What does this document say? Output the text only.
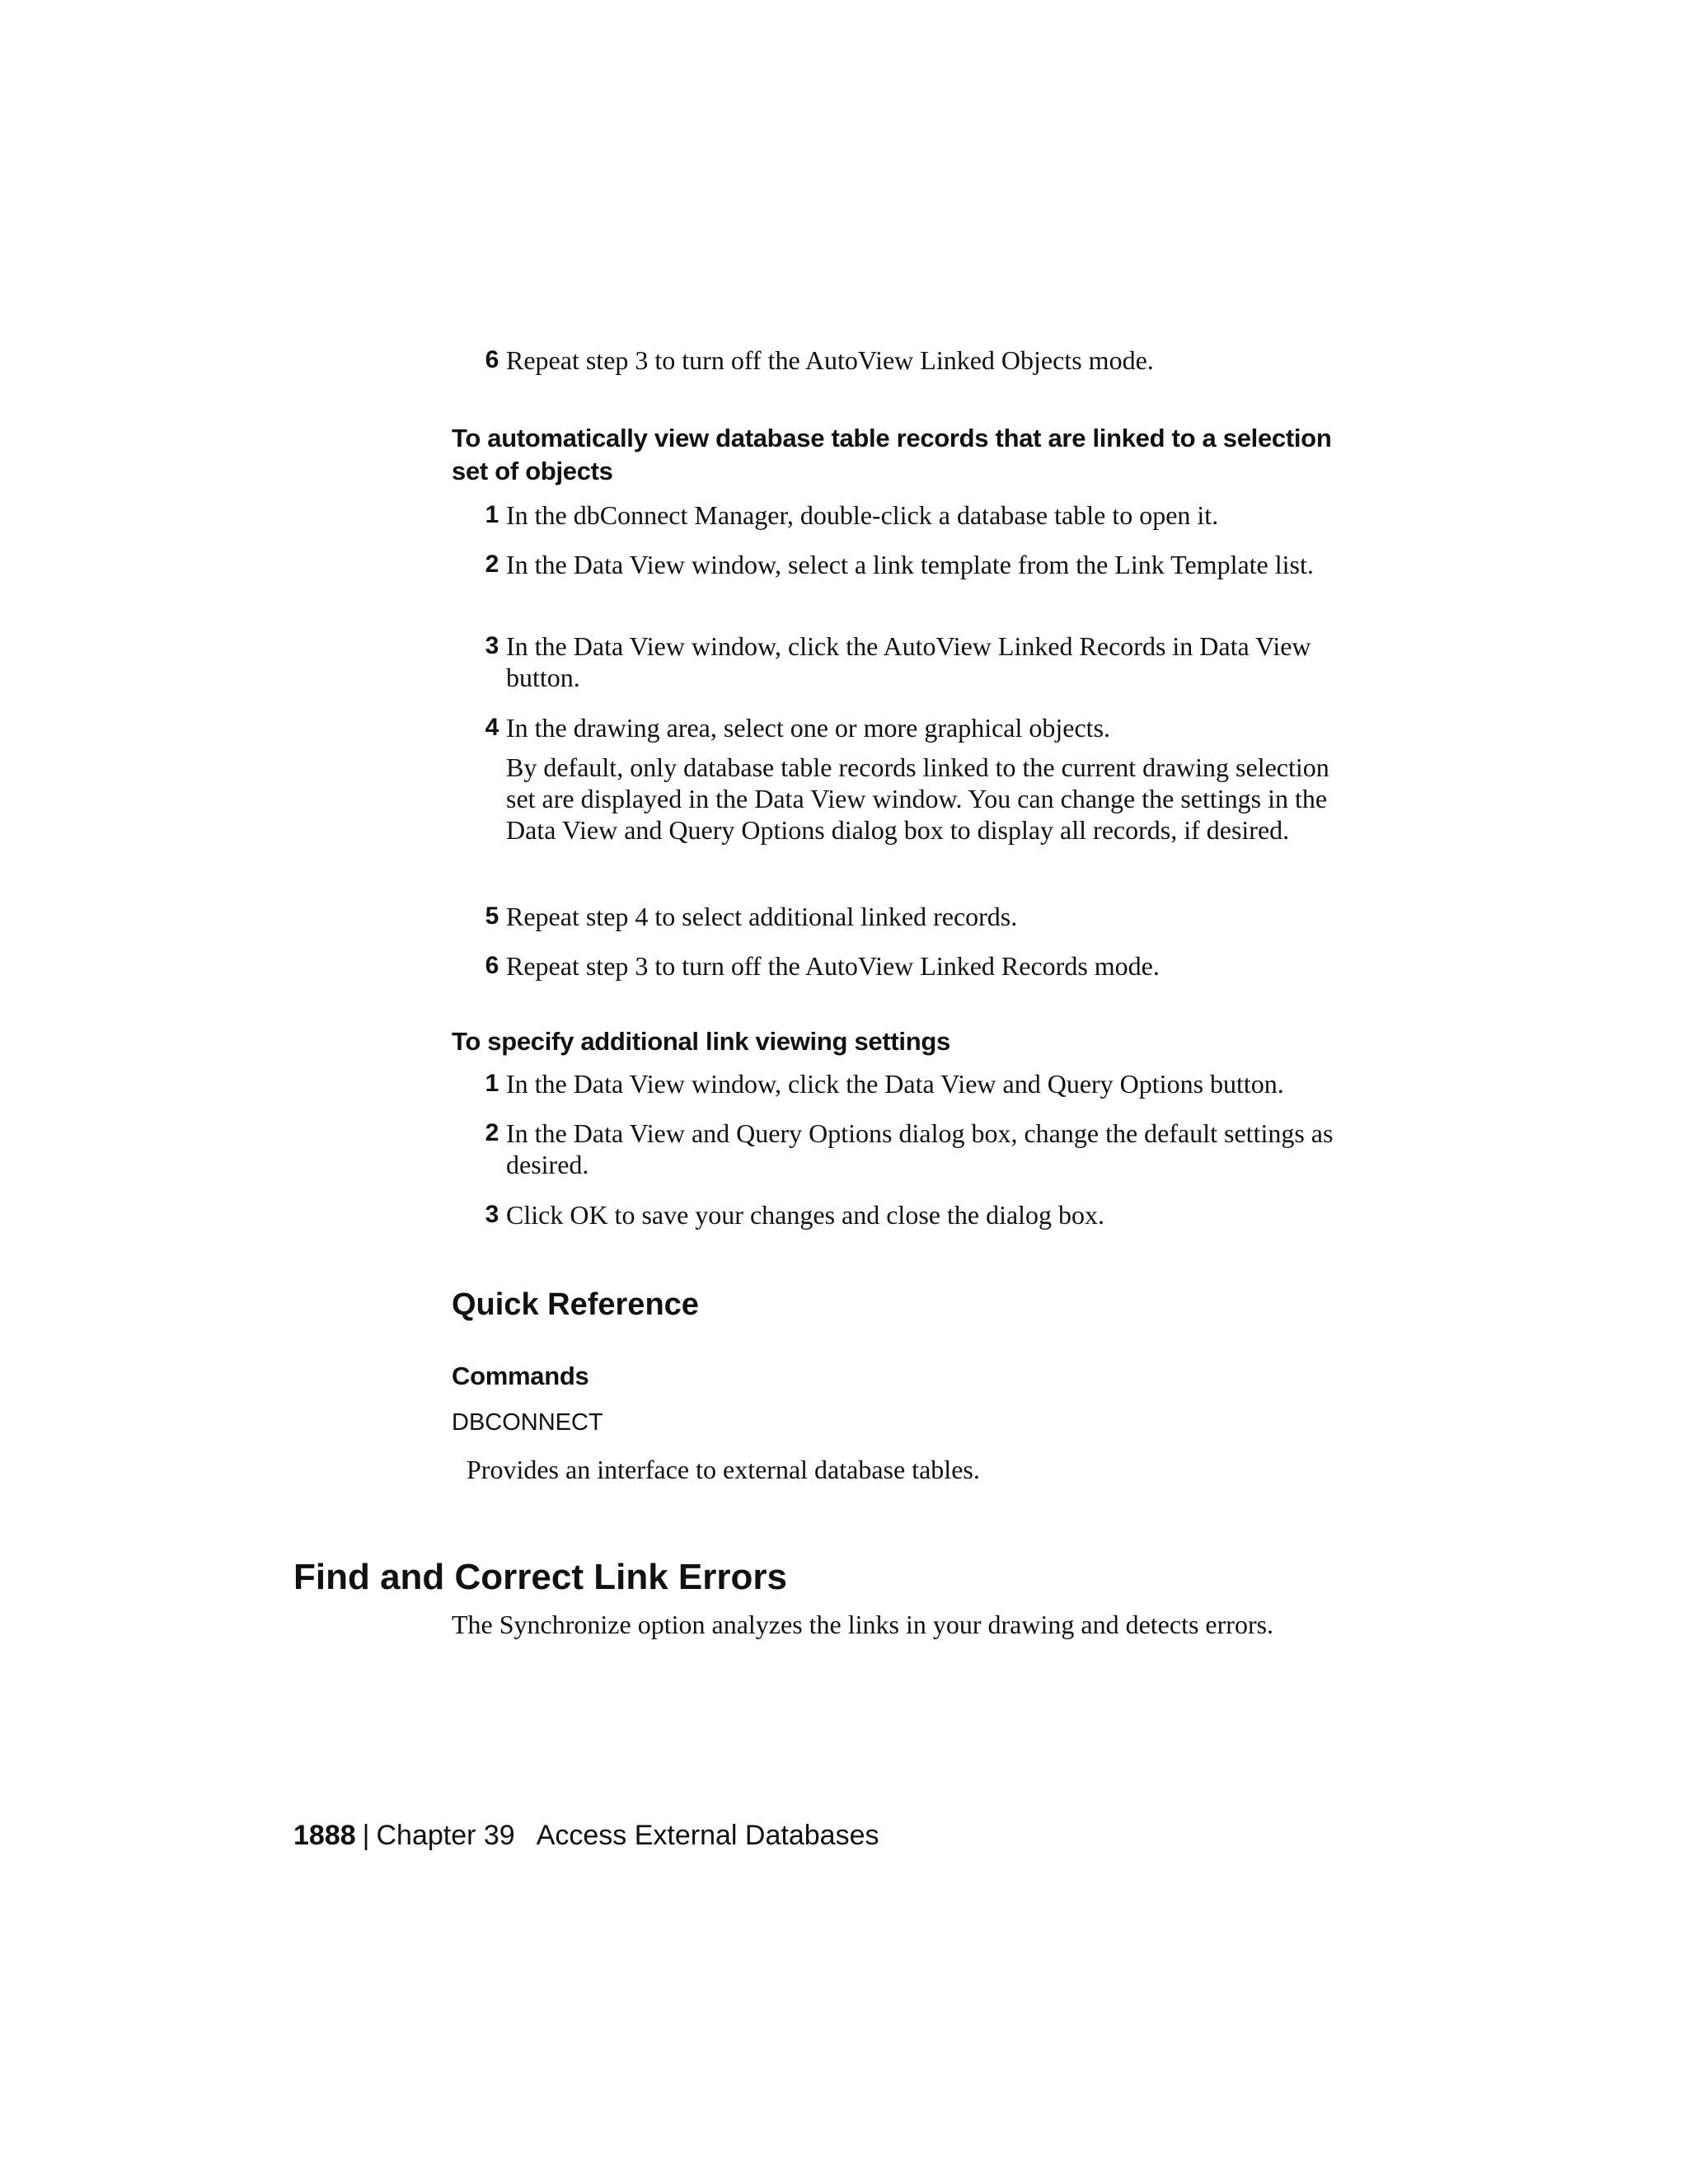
6 Repeat step 3 to turn off the AutoView Linked Objects mode.

To automatically view database table records that are linked to a selection set of objects
1 In the dbConnect Manager, double-click a database table to open it.

2 In the Data View window, select a link template from the Link Template list.

3 In the Data View window, click the AutoView Linked Records in Data View button.

4 In the drawing area, select one or more graphical objects.

By default, only database table records linked to the current drawing selection set are displayed in the Data View window. You can change the settings in the Data View and Query Options dialog box to display all records, if desired.

5 Repeat step 4 to select additional linked records.

6 Repeat step 3 to turn off the AutoView Linked Records mode.

To specify additional link viewing settings
1 In the Data View window, click the Data View and Query Options button.

2 In the Data View and Query Options dialog box, change the default settings as desired.

3 Click OK to save your changes and close the dialog box.

Quick Reference
Commands
DBCONNECT
Provides an interface to external database tables.
Find and Correct Link Errors
The Synchronize option analyzes the links in your drawing and detects errors.
1888 | Chapter 39 Access External Databases
